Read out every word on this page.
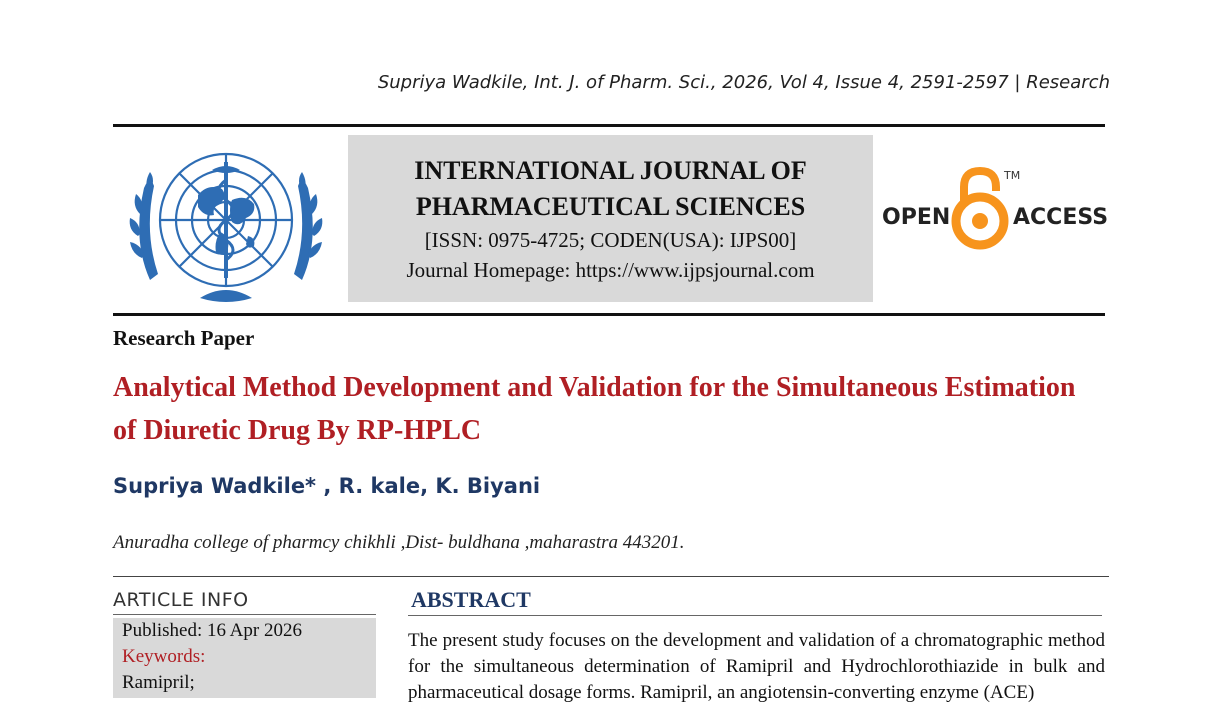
Supriya Wadkile, Int. J. of Pharm. Sci., 2026, Vol 4, Issue 4, 2591-2597 | Research
INTERNATIONAL JOURNAL OF
PHARMACEUTICAL SCIENCES
[ISSN: 0975-4725; CODEN(USA): IJPS00]
Journal Homepage: https://www.ijpsjournal.com
OPEN
TM
ACCESS
Research Paper
Analytical Method Development and Validation for the Simultaneous Estimation of Diuretic Drug By RP-HPLC
Supriya Wadkile* , R. kale, K. Biyani
Anuradha college of pharmcy chikhli ,Dist- buldhana ,maharastra 443201.
ARTICLE INFO
Published: 16 Apr 2026
Keywords:
Ramipril;
ABSTRACT
The present study focuses on the development and validation of a chromatographic method for the simultaneous determination of Ramipril and Hydrochlorothiazide in bulk and pharmaceutical dosage forms. Ramipril, an angiotensin-converting enzyme (ACE)
